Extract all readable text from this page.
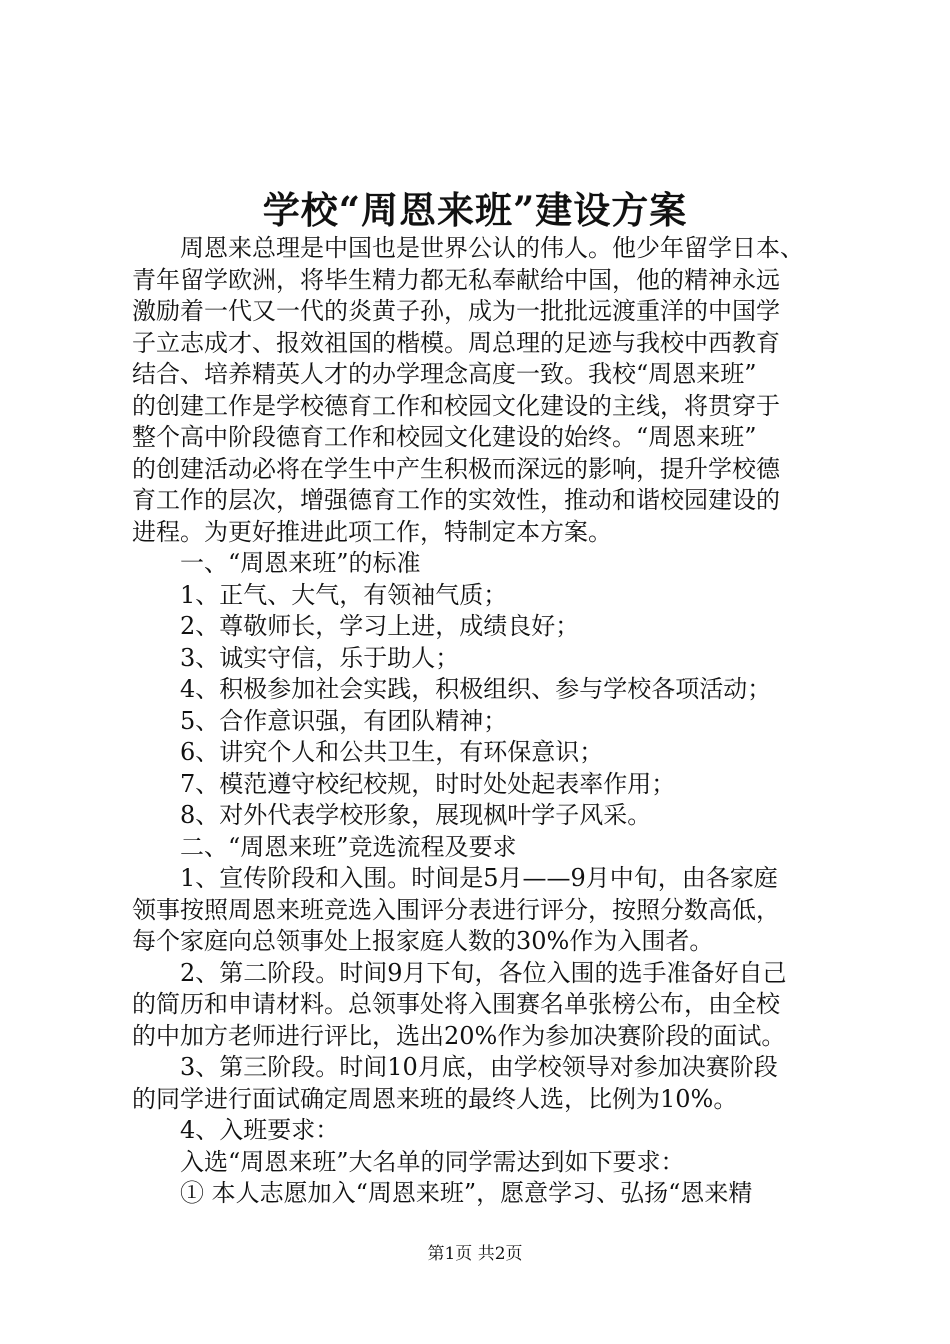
学校“周恩来班”建设方案
周恩来总理是中国也是世界公认的伟人。他少年留学日本、
青年留学欧洲，将毕生精力都无私奉献给中国，他的精神永远
激励着一代又一代的炎黄子孙，成为一批批远渡重洋的中国学
子立志成才、报效祖国的楷模。周总理的足迹与我校中西教育
结合、培养精英人才的办学理念高度一致。我校“周恩来班”
的创建工作是学校德育工作和校园文化建设的主线，将贯穿于
整个高中阶段德育工作和校园文化建设的始终。“周恩来班”
的创建活动必将在学生中产生积极而深远的影响，提升学校德
育工作的层次，增强德育工作的实效性，推动和谐校园建设的
进程。为更好推进此项工作，特制定本方案。
一、“周恩来班”的标准
1、正气、大气，有领袖气质；
2、尊敬师长，学习上进，成绩良好；
3、诚实守信，乐于助人；
4、积极参加社会实践，积极组织、参与学校各项活动；
5、合作意识强，有团队精神；
6、讲究个人和公共卫生，有环保意识；
7、模范遵守校纪校规，时时处处起表率作用；
8、对外代表学校形象，展现枫叶学子风采。
二、“周恩来班”竞选流程及要求
1、宣传阶段和入围。时间是5月——9月中旬，由各家庭
领事按照周恩来班竞选入围评分表进行评分，按照分数高低，
每个家庭向总领事处上报家庭人数的30%作为入围者。
2、第二阶段。时间9月下旬，各位入围的选手准备好自己
的简历和申请材料。总领事处将入围赛名单张榜公布，由全校
的中加方老师进行评比，选出20%作为参加决赛阶段的面试。
3、第三阶段。时间10月底，由学校领导对参加决赛阶段
的同学进行面试确定周恩来班的最终人选，比例为10%。
4、入班要求：
入选“周恩来班”大名单的同学需达到如下要求：
① 本人志愿加入“周恩来班”，愿意学习、弘扬“恩来精
第1页 共2页
